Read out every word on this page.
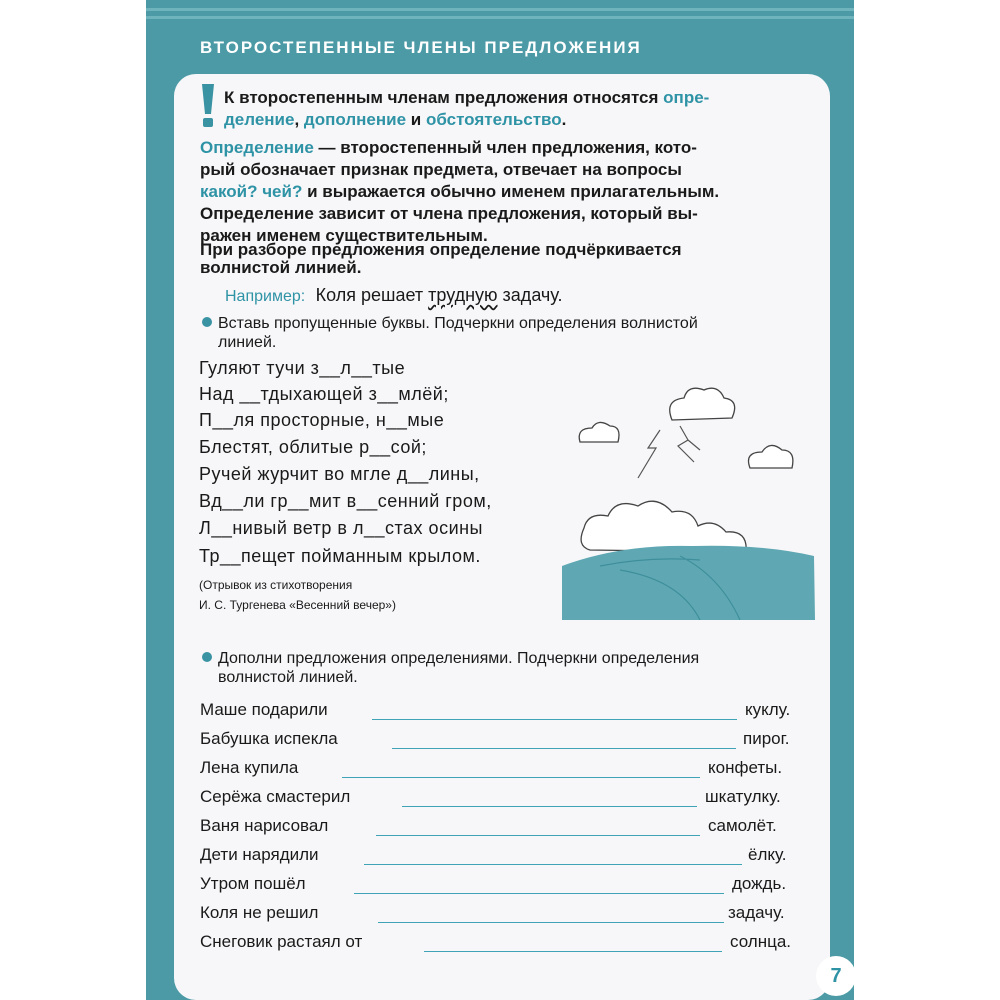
ВТОРОСТЕПЕННЫЕ ЧЛЕНЫ ПРЕДЛОЖЕНИЯ
К второстепенным членам предложения относятся опре-
деление, дополнение и обстоятельство.
Определение — второстепенный член предложения, кото-
рый обозначает признак предмета, отвечает на вопросы
какой? чей? и выражается обычно именем прилагательным.
Определение зависит от члена предложения, который вы-
ражен именем существительным.
При разборе предложения определение подчёркивается
волнистой линией.
Например: Коля решает трудную задачу.
Вставь пропущенные буквы. Подчеркни определения волнистой
линией.
Гуляют тучи з__л__тые
Над __тдыхающей з__млёй;
П__ля просторные, н__мые
Блестят, облитые р__сой;
Ручей журчит во мгле д__лины,
Вд__ли гр__мит в__сенний гром,
Л__нивый ветр в л__стах осины
Тр__пещет пойманным крылом.
(Отрывок из стихотворения
И. С. Тургенева «Весенний вечер»)
Дополни предложения определениями. Подчеркни определения
волнистой линией.
Маше подарили	куклу.
Бабушка испекла	пирог.
Лена купила	конфеты.
Серёжа смастерил	шкатулку.
Ваня нарисовал	самолёт.
Дети нарядили	ёлку.
Утром пошёл	дождь.
Коля не решил	задачу.
Снеговик растаял от	солнца.
7
